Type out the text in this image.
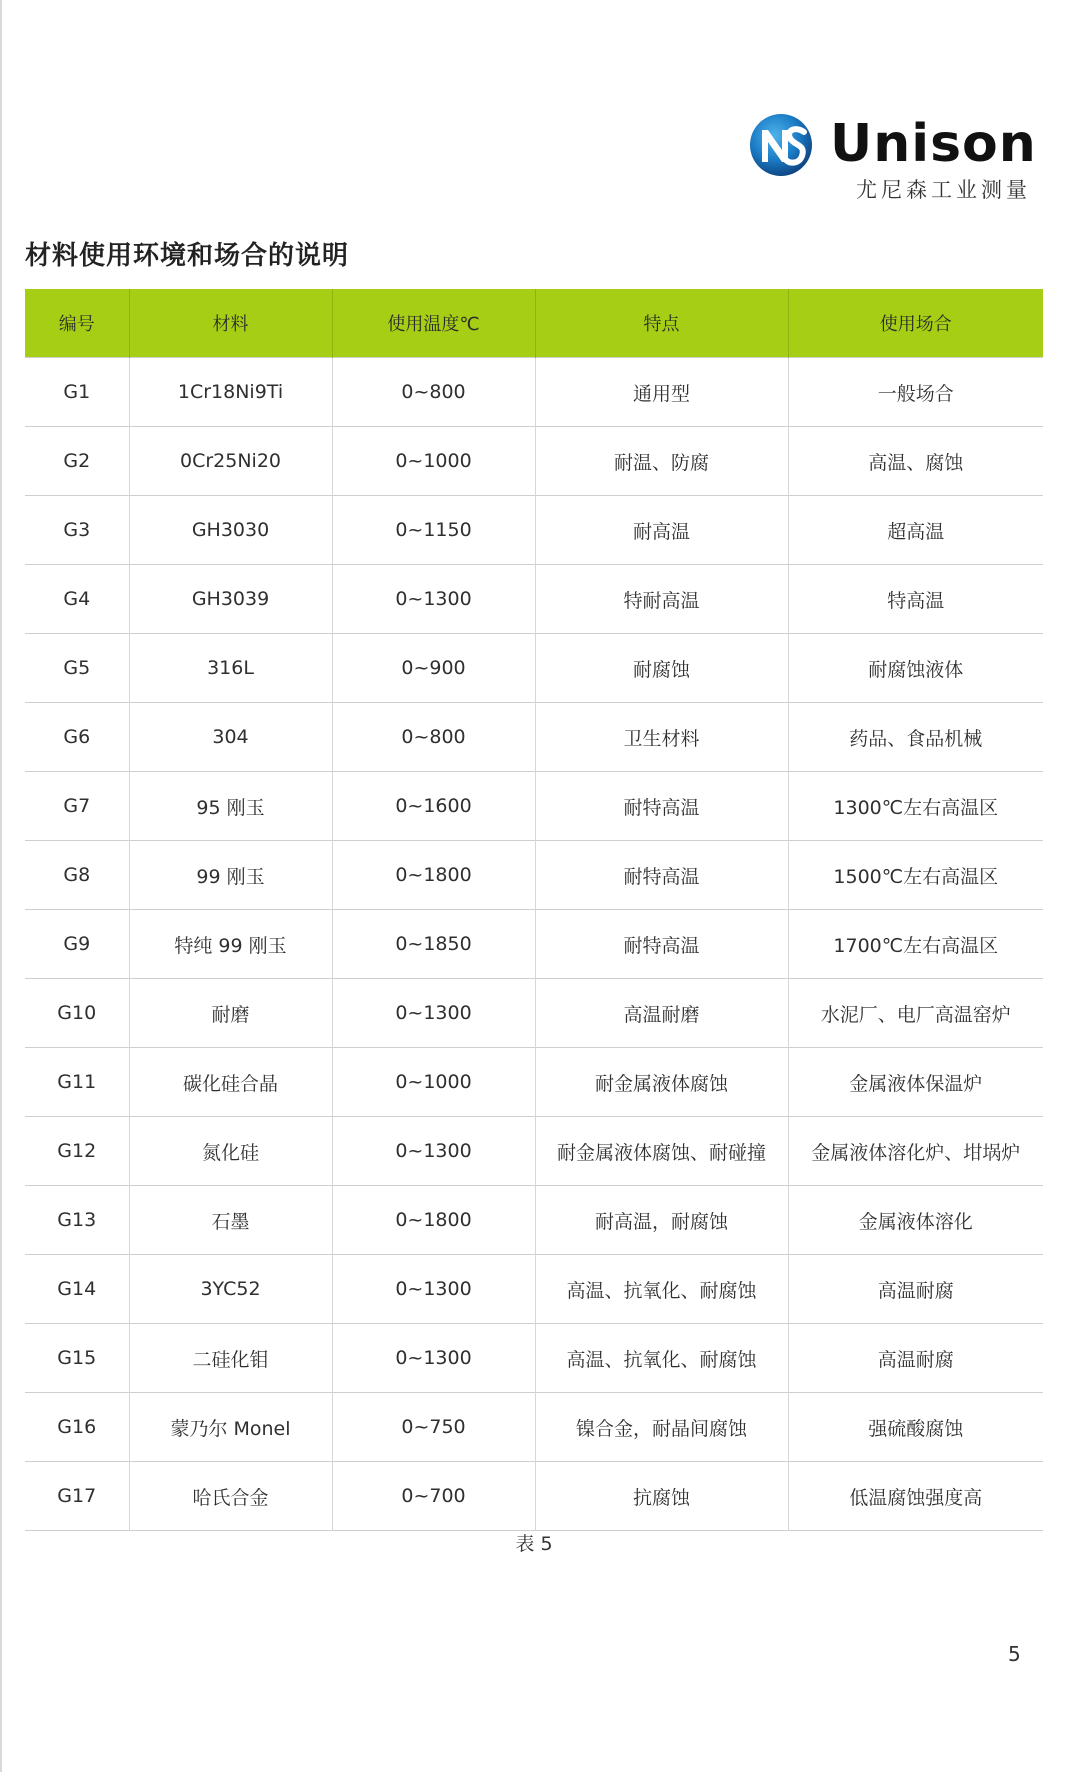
Unison
尤尼森工业测量
材料使用环境和场合的说明
编号	材料	使用温度℃	特点	使用场合
G1	1Cr18Ni9Ti	0~800	通用型	一般场合
G2	0Cr25Ni20	0~1000	耐温、防腐	高温、腐蚀
G3	GH3030	0~1150	耐高温	超高温
G4	GH3039	0~1300	特耐高温	特高温
G5	316L	0~900	耐腐蚀	耐腐蚀液体
G6	304	0~800	卫生材料	药品、食品机械
G7	95 刚玉	0~1600	耐特高温	1300℃左右高温区
G8	99 刚玉	0~1800	耐特高温	1500℃左右高温区
G9	特纯 99 刚玉	0~1850	耐特高温	1700℃左右高温区
G10	耐磨	0~1300	高温耐磨	水泥厂、电厂高温窑炉
G11	碳化硅合晶	0~1000	耐金属液体腐蚀	金属液体保温炉
G12	氮化硅	0~1300	耐金属液体腐蚀、耐碰撞	金属液体溶化炉、坩埚炉
G13	石墨	0~1800	耐高温，耐腐蚀	金属液体溶化
G14	3YC52	0~1300	高温、抗氧化、耐腐蚀	高温耐腐
G15	二硅化钼	0~1300	高温、抗氧化、耐腐蚀	高温耐腐
G16	蒙乃尔 Monel	0~750	镍合金，耐晶间腐蚀	强硫酸腐蚀
G17	哈氏合金	0~700	抗腐蚀	低温腐蚀强度高
表 5
5
